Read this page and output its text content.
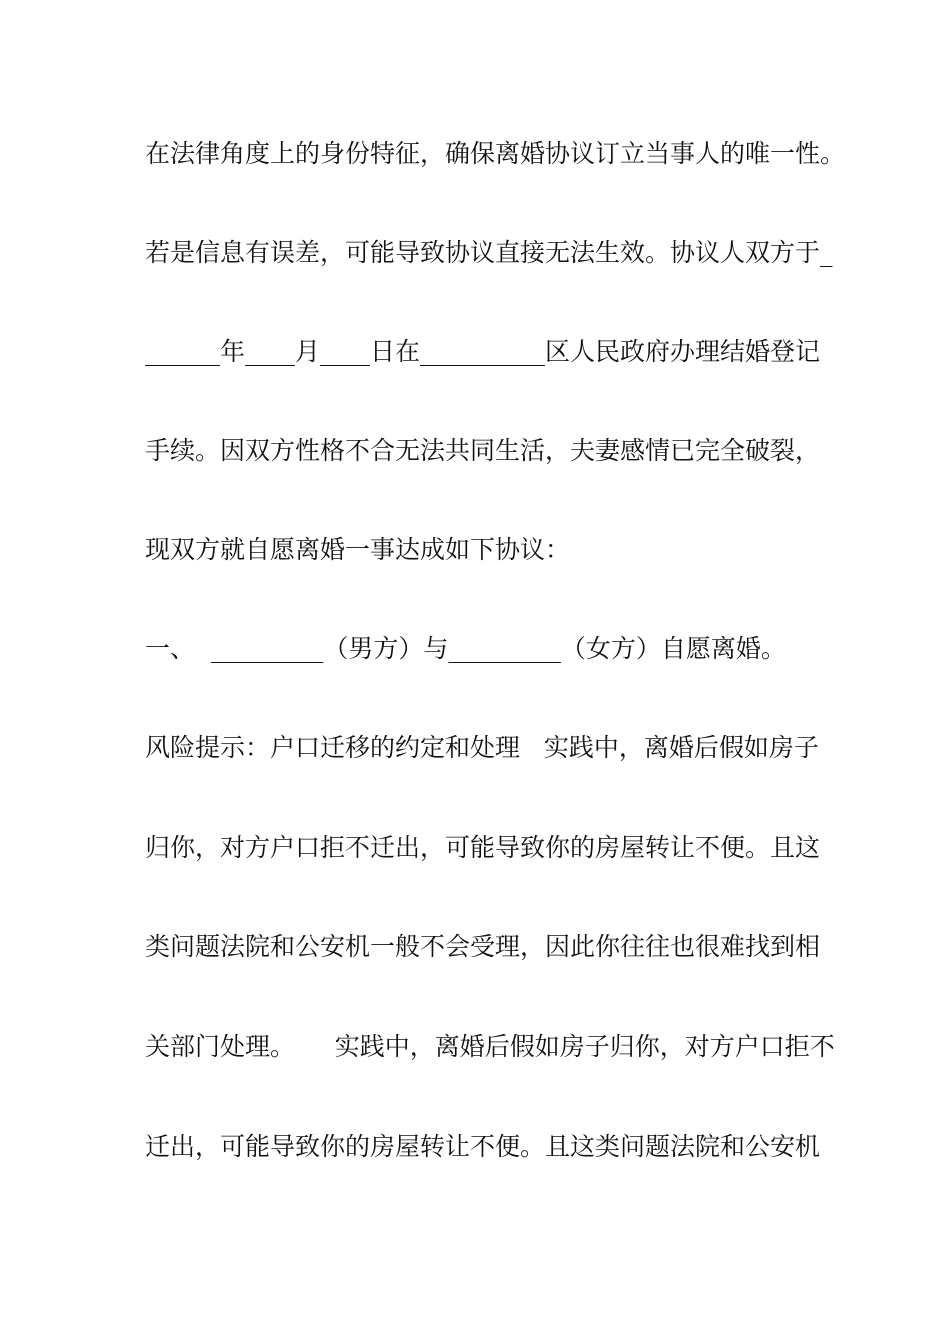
在法律角度上的身份特征，确保离婚协议订立当事人的唯一性。
若是信息有误差，可能导致协议直接无法生效。协议人双方于_
______年____月____日在__________区人民政府办理结婚登记
手续。因双方性格不合无法共同生活，夫妻感情已完全破裂，
现双方就自愿离婚一事达成如下协议：
一、  _________（男方）与_________（女方）自愿离婚。
风险提示：户口迁移的约定和处理   实践中，离婚后假如房子
归你，对方户口拒不迁出，可能导致你的房屋转让不便。且这
类问题法院和公安机一般不会受理，因此你往往也很难找到相
关部门处理。     实践中，离婚后假如房子归你，对方户口拒不
迁出，可能导致你的房屋转让不便。且这类问题法院和公安机
